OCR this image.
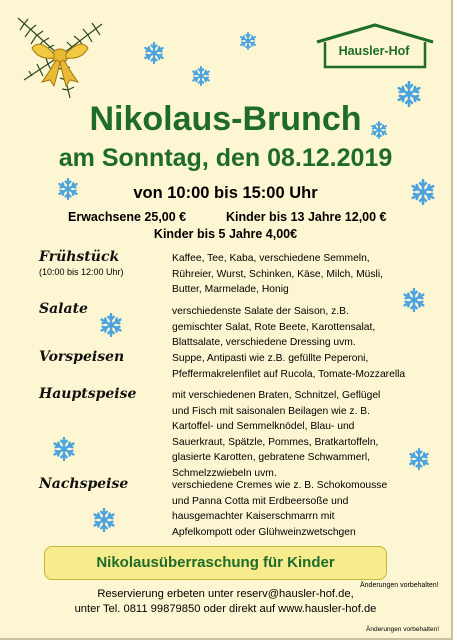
Hausler-Hof
Nikolaus-Brunch
am Sonntag, den 08.12.2019
von 10:00 bis 15:00 Uhr
Erwachsene 25,00 €	Kinder bis 13 Jahre 12,00 €
Kinder bis 5 Jahre 4,00€
Frühstück
(10:00 bis 12:00 Uhr)
Kaffee, Tee, Kaba, verschiedene Semmeln,
Rühreier, Wurst, Schinken, Käse, Milch, Müsli,
Butter, Marmelade, Honig
Salate	verschiedenste Salate der Saison, z.B.
gemischter Salat, Rote Beete, Karottensalat,
Blattsalate, verschiedene Dressing uvm.
Vorspeisen	Suppe, Antipasti wie z.B. gefüllte Peperoni,
Pfeffermakrelenfilet auf Rucola, Tomate-Mozzarella
Hauptspeise	mit verschiedenen Braten, Schnitzel, Geflügel
und Fisch mit saisonalen Beilagen wie z. B.
Kartoffel- und Semmelknödel, Blau- und
Sauerkraut, Spätzle, Pommes, Bratkartoffeln,
glasierte Karotten, gebratene Schwammerl,
Schmelzzwiebeln uvm.
Nachspeise	verschiedene Cremes wie z. B. Schokomousse
und Panna Cotta mit Erdbeersoße und
hausgemachter Kaiserschmarrn mit
Apfelkompott oder Glühweinzwetschgen
Nikolausüberraschung für Kinder
Änderungen vorbehalten!
Reservierung erbeten unter reserv@hausler-hof.de,
unter Tel. 0811 99879850 oder direkt auf www.hausler-hof.de
Änderungen vorbehalten!
